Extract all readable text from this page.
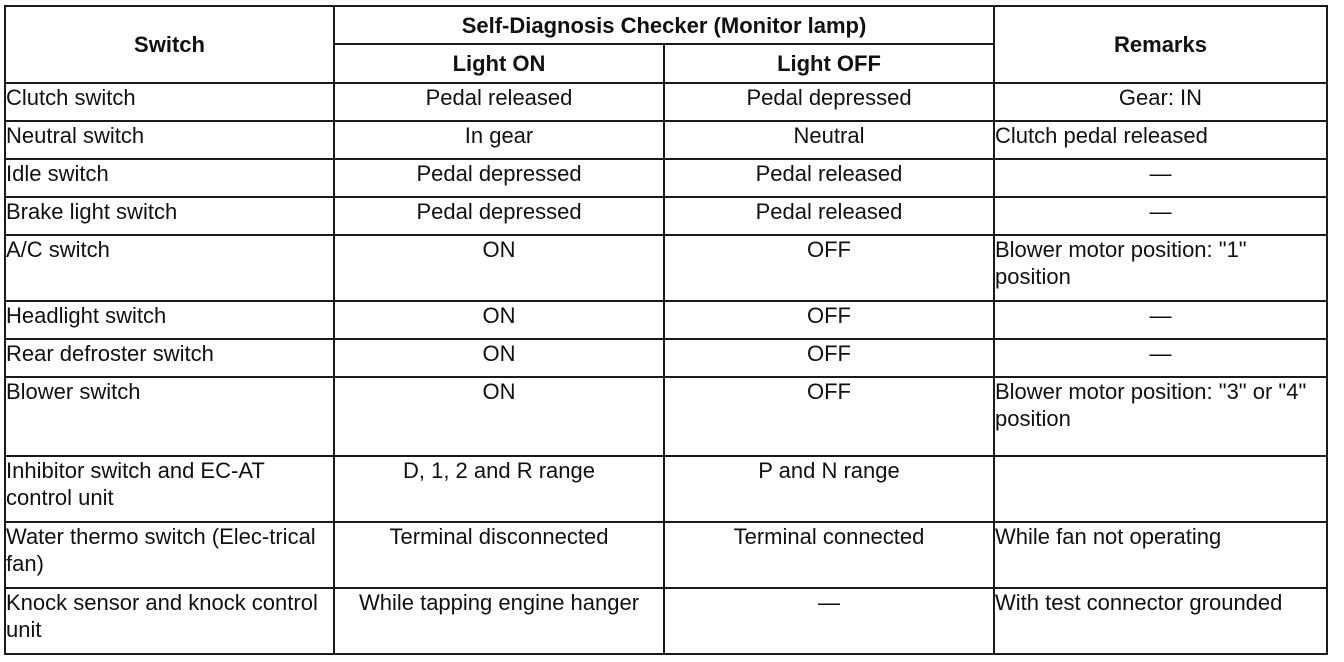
Switch	Self-Diagnosis Checker (Monitor lamp)		Remarks
	Light ON	Light OFF	
Clutch switch	Pedal released	Pedal depressed	Gear: IN
Neutral switch	In gear	Neutral	Clutch pedal released
Idle switch	Pedal depressed	Pedal released	—
Brake light switch	Pedal depressed	Pedal released	—
A/C switch	ON	OFF	Blower motor position: "1" position
Headlight switch	ON	OFF	—
Rear defroster switch	ON	OFF	—
Blower switch	ON	OFF	Blower motor position: "3" or "4" position
Inhibitor switch and EC-AT control unit	D, 1, 2 and R range	P and N range	
Water thermo switch (Elec-trical fan)	Terminal disconnected	Terminal connected	While fan not operating
Knock sensor and knock control unit	While tapping engine hanger	—	With test connector grounded
